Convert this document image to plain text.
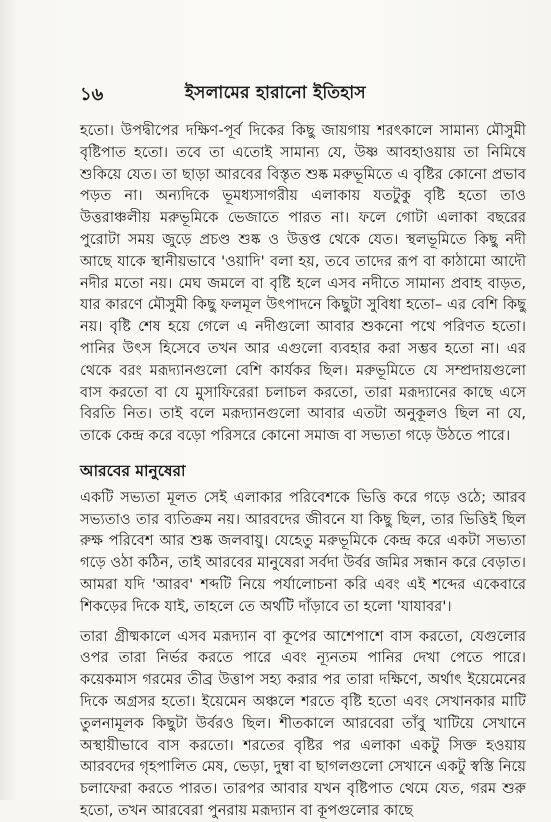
১৬	ইসলামের হারানো ইতিহাস

হতো। উপদ্বীপের দক্ষিণ-পূর্ব দিকের কিছু জায়গায় শরৎকালে সামান্য মৌসুমী বৃষ্টিপাত হতো। তবে তা এতোই সামান্য যে, উষ্ণ আবহাওয়ায় তা নিমিষে শুকিয়ে যেত। তা ছাড়া আরবের বিস্তৃত শুষ্ক মরুভূমিতে এ বৃষ্টির কোনো প্রভাব পড়ত না। অন্যদিকে ভূমধ্যসাগরীয় এলাকায় যতটুকু বৃষ্টি হতো তাও উত্তরাঞ্চলীয় মরুভূমিকে ভেজাতে পারত না। ফলে গোটা এলাকা বছরের পুরোটা সময় জুড়ে প্রচণ্ড শুষ্ক ও উত্তপ্ত থেকে যেত। স্থলভূমিতে কিছু নদী আছে যাকে স্থানীয়ভাবে 'ওয়াদি' বলা হয়, তবে তাদের রূপ বা কাঠামো আদৌ নদীর মতো নয়। মেঘ জমলে বা বৃষ্টি হলে এসব নদীতে সামান্য প্রবাহ বাড়ত, যার কারণে মৌসুমী কিছু ফলমূল উৎপাদনে কিছুটা সুবিধা হতো– এর বেশি কিছু নয়। বৃষ্টি শেষ হয়ে গেলে এ নদীগুলো আবার শুকনো পথে পরিণত হতো। পানির উৎস হিসেবে তখন আর এগুলো ব্যবহার করা সম্ভব হতো না। এর থেকে বরং মরূদ্যানগুলো বেশি কার্যকর ছিল। মরুভূমিতে যে সম্প্রদায়গুলো বাস করতো বা যে মুসাফিরেরা চলাচল করতো, তারা মরূদ্যানের কাছে এসে বিরতি নিত। তাই বলে মরূদ্যানগুলো আবার এতটা অনুকূলও ছিল না যে, তাকে কেন্দ্র করে বড়ো পরিসরে কোনো সমাজ বা সভ্যতা গড়ে উঠতে পারে।

আরবের মানুষেরা

একটি সভ্যতা মূলত সেই এলাকার পরিবেশকে ভিত্তি করে গড়ে ওঠে; আরব সভ্যতাও তার ব্যতিক্রম নয়। আরবদের জীবনে যা কিছু ছিল, তার ভিত্তিই ছিল রুক্ষ পরিবেশ আর শুষ্ক জলবায়ু। যেহেতু মরুভূমিকে কেন্দ্র করে একটা সভ্যতা গড়ে ওঠা কঠিন, তাই আরবের মানুষেরা সর্বদা উর্বর জমির সন্ধান করে বেড়াত। আমরা যদি 'আরব' শব্দটি নিয়ে পর্যালোচনা করি এবং এই শব্দের একেবারে শিকড়ের দিকে যাই, তাহলে তে অর্থটি দাঁড়াবে তা হলো 'যাযাবর'।

তারা গ্রীষ্মকালে এসব মরূদ্যান বা কূপের আশেপাশে বাস করতো, যেগুলোর ওপর তারা নির্ভর করতে পারে এবং ন্যূনতম পানির দেখা পেতে পারে। কয়েকমাস গরমের তীব্র উত্তাপ সহ্য করার পর তারা দক্ষিণে, অর্থাৎ ইয়েমেনের দিকে অগ্রসর হতো। ইয়েমেন অঞ্চলে শরতে বৃষ্টি হতো এবং সেখানকার মাটি তুলনামূলক কিছুটা উর্বরও ছিল। শীতকালে আরবেরা তাঁবু খাটিয়ে সেখানে অস্থায়ীভাবে বাস করতো। শরতের বৃষ্টির পর এলাকা একটু সিক্ত হওয়ায় আরবদের গৃহপালিত মেষ, ভেড়া, দুম্বা বা ছাগলগুলো সেখানে একটু স্বস্তি নিয়ে চলাফেরা করতে পারত। তারপর আবার যখন বৃষ্টিপাত থেমে যেত, গরম শুরু হতো, তখন আরবেরা পুনরায় মরূদ্যান বা কূপগুলোর কাছে
